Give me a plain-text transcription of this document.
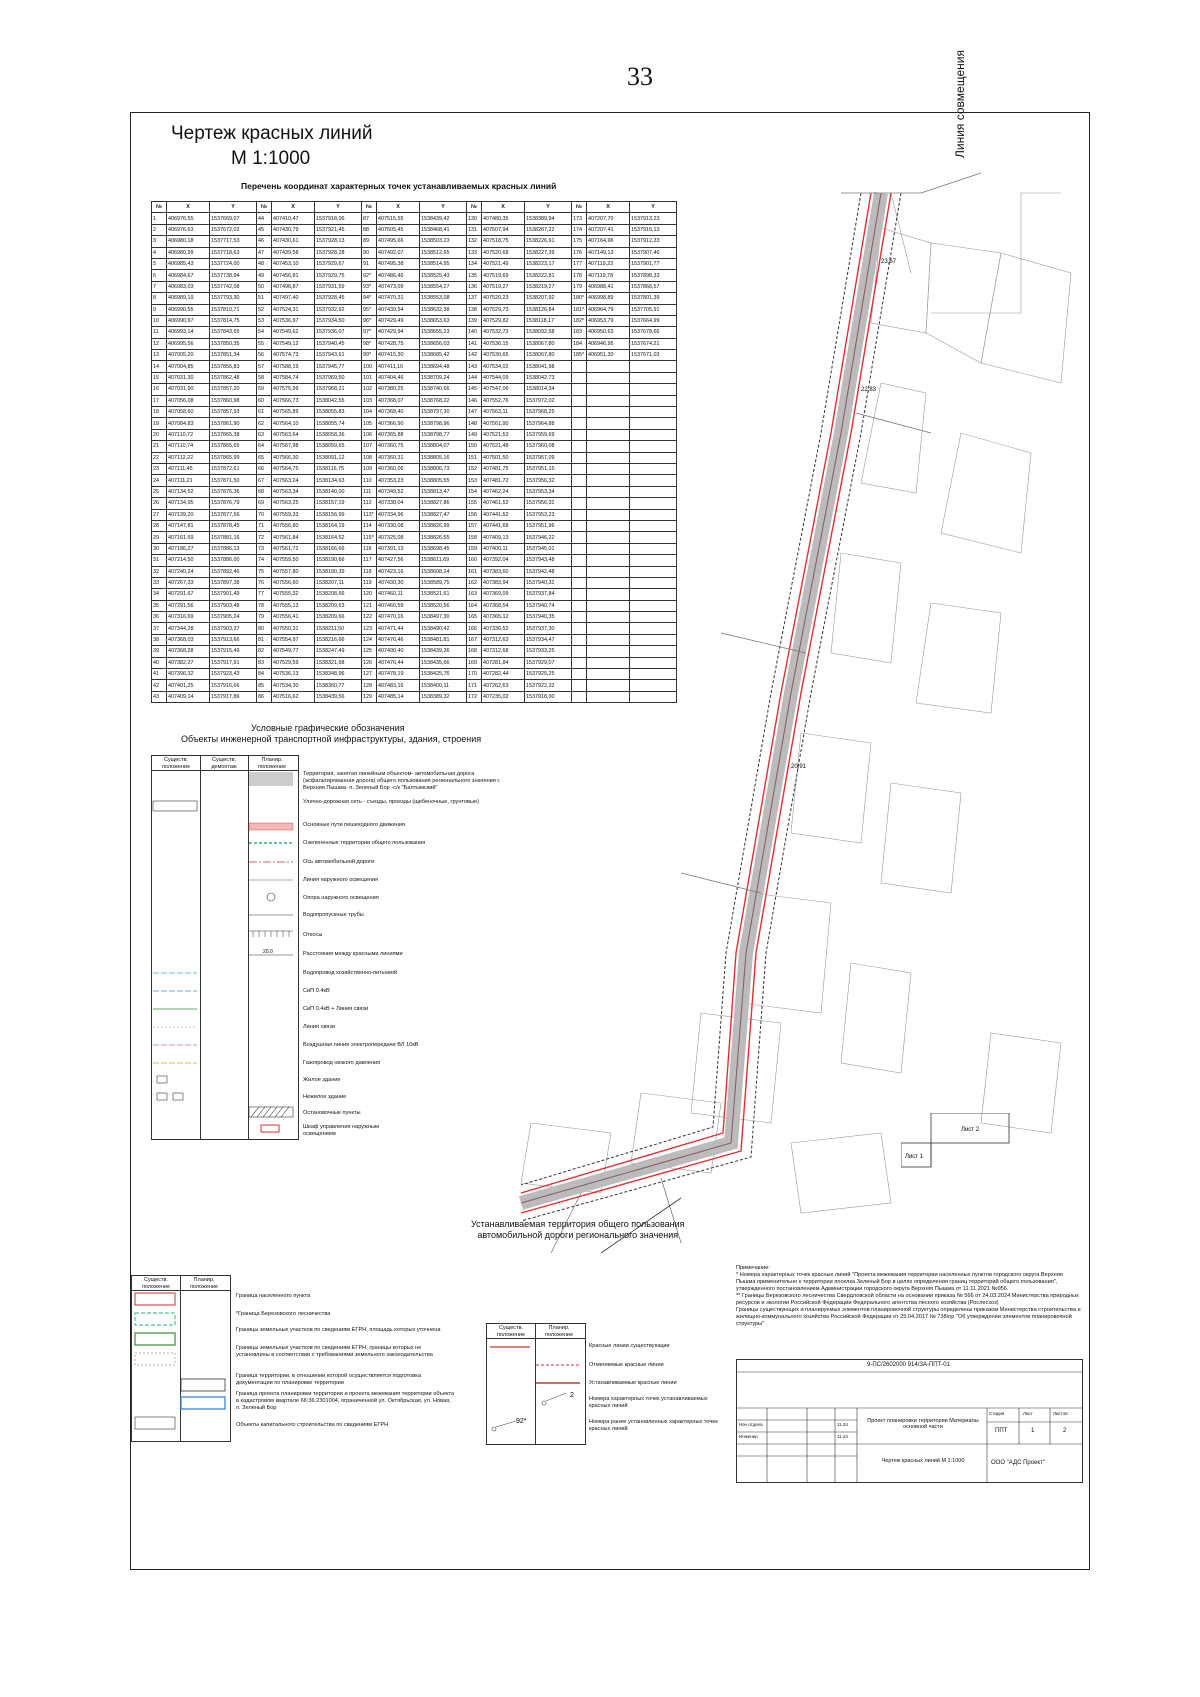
33
Чертеж красных линий
М 1:1000
Перечень координат характерных точек устанавливаемых красных линий
№	X	Y	№	X	Y	№	X	Y	№	X	Y	№	X	Y
1	406976,55	1537669,07	44	407410,47	1537918,06	87	407515,55	1538439,42	130	407480,35	1538389,94	173	407207,70	1537913,23
2	406976,63	1537672,02	45	407430,79	1537921,45	88	407505,45	1538468,41	131	407507,94	1538287,22	174	407207,41	1537916,13
3	406980,18	1537717,53	46	407430,61	1537928,13	89	407495,66	1538503,23	132	407518,75	1538226,91	175	407164,96	1537912,33
4	406980,99	1537718,63	47	407439,58	1537928,28	90	407492,07	1538512,65	133	407520,68	1538227,39	176	407149,13	1537907,46
5	406985,43	1537724,00	48	407453,10	1537929,67	91	407495,38	1538514,95	134	407521,49	1538223,17	177	407119,23	1537901,77
6	406984,67	1537738,94	49	407456,81	1537929,75	92*	407486,46	1538525,43	135	407519,69	1538222,81	178	407119,78	1537898,33
7	406983,03	1537742,08	50	407496,87	1537931,59	93*	407473,09	1538554,27	136	407519,27	1538219,27	179	406988,41	1537868,57
8	406989,19	1537793,30	51	407497,40	1537928,45	94*	407470,31	1538553,08	137	407520,23	1538207,92	180*	406998,89	1537801,39
9	406990,55	1537810,71	52	407524,31	1537932,92	95*	407439,54	1538632,38	138	407529,73	1538126,84	181*	406964,79	1537705,91
10	406990,97	1537814,75	53	407536,97	1537934,50	96*	407429,49	1538653,63	139	407529,82	1538118,17	182*	406953,79	1537664,99
11	406993,14	1537843,65	54	407549,62	1537936,07	97*	407429,94	1538655,23	140	407532,73	1538092,58	183	406950,63	1537678,66
12	406995,56	1537850,35	55	407549,12	1537940,45	98*	407428,75	1538656,03	141	407536,15	1538067,80	184	406946,95	1537674,21
13	407005,20	1537851,34	56	407574,73	1537943,61	99*	407415,30	1538685,42	142	407530,65	1538067,80	185*	406951,30	1537671,03
14	407004,85	1537856,83	57	407588,19	1537945,77	100	407411,16	1538694,48	143	407534,02	1538041,98			
15	407031,30	1537862,48	58	407584,74	1537969,50	101	407404,46	1538709,24	144	407544,09	1538042,73			
16	407031,90	1537857,20	59	407575,99	1537968,21	102	407380,25	1538740,66	145	407547,06	1538014,34			
17	407056,08	1537860,98	60	407566,73	1538042,55	103	407368,07	1538768,22	146	407552,76	1537972,02			
18	407058,60	1537857,93	61	407565,89	1538055,83	104	407368,40	1538797,30	147	407563,11	1537968,25			
19	407084,83	1537861,90	62	407564,10	1538055,74	105	407366,90	1538798,96	148	407561,90	1537964,88			
20	407110,72	1537865,38	63	407563,64	1538058,36	106	407365,88	1538798,77	149	407521,53	1537959,69			
21	407110,74	1537865,65	64	407567,98	1538059,65	107	407360,75	1538804,07	150	407521,48	1537960,08			
22	407112,22	1537865,99	65	407566,30	1538091,12	108	407360,31	1538805,16	151	407501,50	1537957,09			
23	407111,45	1537872,61	66	407564,75	1538116,75	109	407360,06	1538806,73	152	407481,75	1537951,15			
24	407111,21	1537871,50	67	407563,24	1538134,63	110	407353,23	1538805,55	153	407481,72	1537956,32			
25	407134,52	1537876,36	68	407563,34	1538140,00	111	407349,52	1538813,47	154	407462,24	1537953,34			
26	407134,95	1537876,79	69	407563,25	1538157,19	112	407338,04	1538827,86	155	407461,52	1537956,32			
27	407139,20	1537877,56	70	407559,33	1538156,99	113*	407334,96	1538827,47	156	407441,52	1537953,23			
28	407147,81	1537878,45	71	407556,80	1538164,19	114	407330,08	1538826,99	157	407441,68	1537951,96			
29	407161,69	1537881,16	72	407561,84	1538164,52	115*	407325,08	1538826,55	158	407409,13	1537946,22			
30	407186,27	1537886,13	73	407561,72	1538166,66	116	407391,13	1538698,45	159	407400,11	1537945,01			
31	407214,50	1537886,00	74	407559,50	1538190,66	117	407427,56	1538611,69	160	407392,04	1537943,48			
32	407240,24	1537892,46	75	407557,80	1538190,39	118	407423,16	1538608,24	161	407383,60	1537942,48			
33	407267,33	1537897,38	76	407556,60	1538207,11	119	407430,30	1538589,75	162	407383,94	1537940,32			
34	407291,67	1537901,49	77	407555,32	1538208,66	120	407460,11	1538521,61	163	407369,09	1537937,84			
35	407291,56	1537903,48	78	407555,13	1538209,63	121	407460,59	1538520,56	164	407368,54	1537940,74			
36	407316,69	1537905,24	79	407556,41	1538209,66	122	407470,16	1538497,30	165	407365,12	1537940,35			
37	407344,28	1537903,37	80	407550,31	1538211,50	123	407471,44	1538490,42	166	407336,52	1537937,30			
38	407368,03	1537913,66	81	407554,97	1538216,66	124	407476,46	1538481,81	167	407312,63	1537934,47			
39	407368,28	1537915,49	82	407549,77	1538247,49	125	407490,40	1538439,36	168	407312,68	1537933,25			
40	407382,27	1537917,91	83	407529,59	1538321,68	126	407476,44	1538435,66	169	407281,84	1537929,07			
41	407396,32	1537923,43	84	407536,13	1538348,96	127	407478,19	1538425,76	170	407282,44	1537925,25			
42	407401,25	1537916,66	85	407534,30	1538360,77	128	407483,16	1538400,11	171	407262,63	1537922,32			
43	407409,14	1537917,86	86	407516,62	1538439,56	129	407485,14	1538389,32	172	407235,02	1537918,00			
22,83
20,91
23,67
Линия совмещения
Лист 1
Лист 2
Устанавливаемая территория общего пользования
автомобильной дороги регионального значения
Условные графические обозначения
Объекты инженерной транспортной инфраструктуры, здания, строения
Существ. положение
Существ. демонтаж
Планир. положение
20,0
Территория, занятая линейным объектом- автомобильная дорога (асфальтированная дорога) общего пользования регионального значения г. Верхняя Пышма- п. Зеленый Бор -с/к "Балтымский"
Улично-дорожная сеть - съезды, проезды (щебеночные, грунтовые)
Основные пути пешеходного движения
Озелененные территории общего пользования
Ось автомобильной дороги
Линия наружного освещения
Опора наружного освещения
Водопропускные трубы
Откосы
Расстояния между красными линиями
Водопровод хозяйственно-питьевой
СиП 0.4кВ
СиП 0.4кВ + Линия связи
Линия связи
Воздушная линия электропередачи ВЛ 10кВ
Газопровод низкого давления
Жилое здание
Нежилое здание
Остановочные пункты
Шкаф управления наружным освещением
Существ. положение
Планир. положение
Граница населенного пункта
*Граница Березовского лесничества
Границы земельных участков по сведениям ЕГРН, площадь которых уточнена
Границы земельных участков по сведениям ЕГРН, границы которых не установлены в соответствии с требованиями земельного законодательства
Граница территории, в отношении которой осуществляется подготовка документации по планировке территории
Граница проекта планировки территории и проекта межевания территории объекта в кадастровом квартале 66:36:2301004, ограниченной ул. Октябрьская, ул. Новая, п. Зеленый Бор
Объекты капитального строительства по сведениям ЕГРН
Существ. положение
Планир. положение
2
92*
Красные линии существующие
Отменяемые красные линии
Устанавливаемые красные линии
Номера характерных точек устанавливаемых красных линий
Номера ранее установленных характерных точек красных линий
Примечание:
* Номера характерных точек красных линий "Проекта межевания территории населенных пунктов городского округа Верхняя Пышма применительно к территории поселка Зеленый Бор в целях определения границ территорий общего пользования", утвержденного постановлением Администрации городского округа Верхняя Пышма от 11.11.2021 №956.
** Границы Березовского лесничества Свердловской области на основании приказа № 566 от 24.03.2024 Министерства природных ресурсов и экологии Российской Федерации Федерального агентства лесного хозяйства (Рослесхоз)
Границы существующих и планируемых элементов планировочной структуры определены приказом Министерства строительства и жилищно-коммунального хозяйства Российской Федерации от 25.04.2017 № 738/пр "Об утверждении элементов планировочной структуры"
9-ПС/2602000 914/ЗА-ППТ-01
Нач.отдела
Инженер
11.24
11.24
Проект планировки территории Материалы основной части
Стадия	Лист	Листов
ППТ	1	2
Чертеж красных линий М 1:1000	ООО "АДС Проект"
